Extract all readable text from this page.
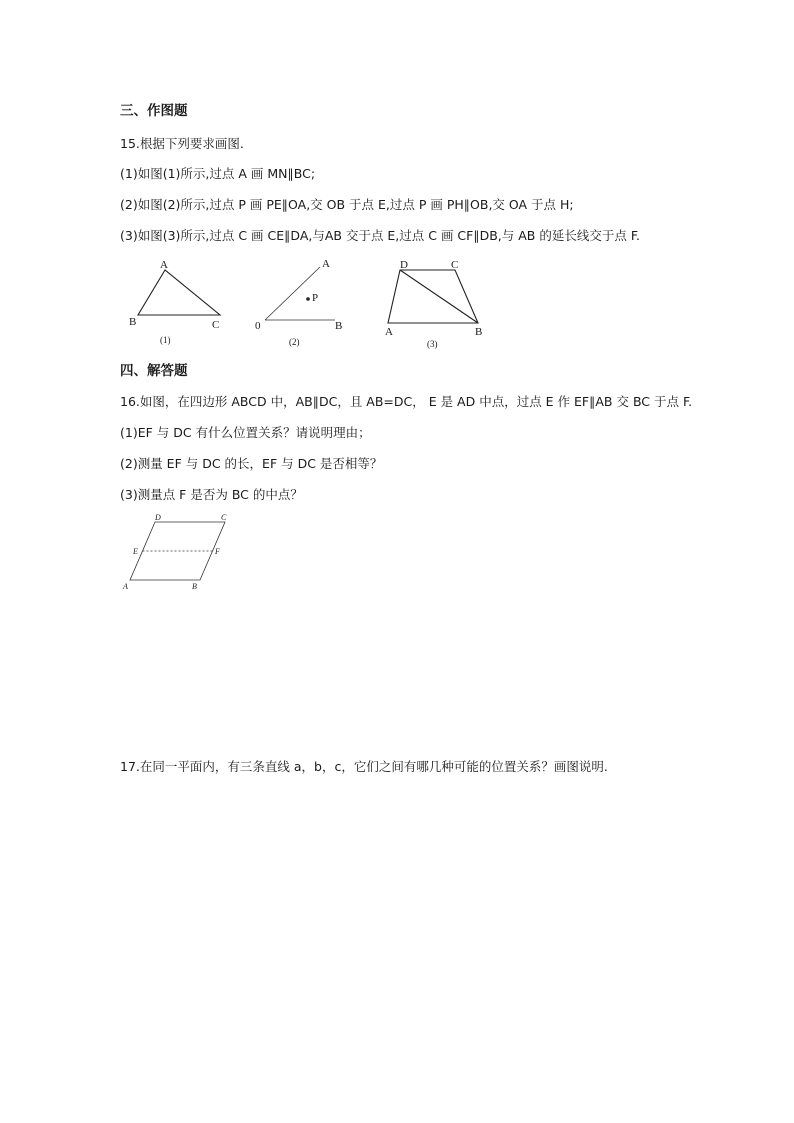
三、作图题
15.根据下列要求画图.
(1)如图(1)所示,过点 A 画 MN∥BC;
(2)如图(2)所示,过点 P 画 PE∥OA,交 OB 于点 E,过点 P 画 PH∥OB,交 OA 于点 H;
(3)如图(3)所示,过点 C 画 CE∥DA,与AB 交于点 E,过点 C 画 CF∥DB,与 AB 的延长线交于点 F.
A
B	C
(1)
A
P
0	B
(2)
D	C
A	B
(3)
四、解答题
16.如图，在四边形 ABCD 中，AB∥DC，且 AB=DC， E 是 AD 中点，过点 E 作 EF∥AB 交 BC 于点 F.
(1)EF 与 DC 有什么位置关系？请说明理由；
(2)测量 EF 与 DC 的长，EF 与 DC 是否相等？
(3)测量点 F 是否为 BC 的中点？
D	C
E	F
A	B
17.在同一平面内，有三条直线 a，b，c，它们之间有哪几种可能的位置关系？画图说明.
